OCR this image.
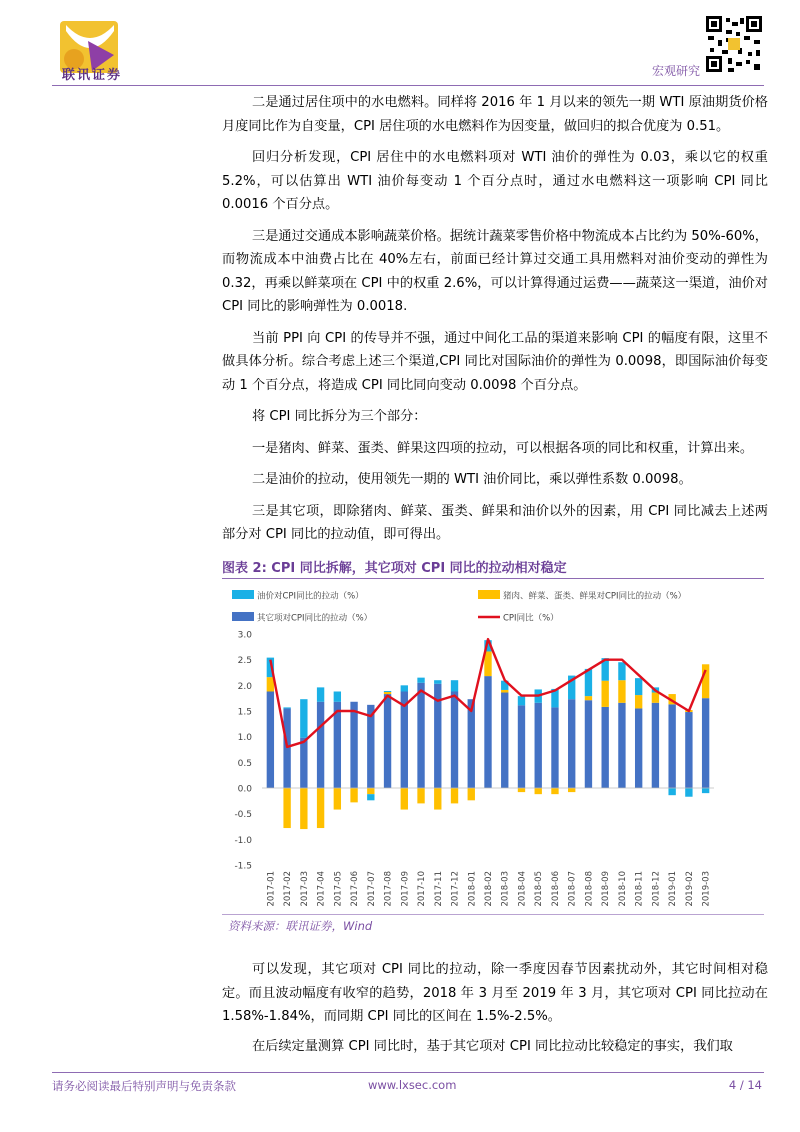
联讯证券	宏观研究

二是通过居住项中的水电燃料。同样将 2016 年 1 月以来的领先一期 WTI 原油期货价格月度同比作为自变量，CPI 居住项的水电燃料作为因变量，做回归的拟合优度为 0.51。

回归分析发现，CPI 居住中的水电燃料项对 WTI 油价的弹性为 0.03，乘以它的权重 5.2%，可以估算出 WTI 油价每变动 1 个百分点时，通过水电燃料这一项影响 CPI 同比 0.0016 个百分点。

三是通过交通成本影响蔬菜价格。据统计蔬菜零售价格中物流成本占比约为 50%-60%，而物流成本中油费占比在 40%左右，前面已经计算过交通工具用燃料对油价变动的弹性为 0.32，再乘以鲜菜项在 CPI 中的权重 2.6%，可以计算得通过运费——蔬菜这一渠道，油价对 CPI 同比的影响弹性为 0.0018.

当前 PPI 向 CPI 的传导并不强，通过中间化工品的渠道来影响 CPI 的幅度有限，这里不做具体分析。综合考虑上述三个渠道,CPI 同比对国际油价的弹性为 0.0098，即国际油价每变动 1 个百分点，将造成 CPI 同比同向变动 0.0098 个百分点。

将 CPI 同比拆分为三个部分：

一是猪肉、鲜菜、蛋类、鲜果这四项的拉动，可以根据各项的同比和权重，计算出来。

二是油价的拉动，使用领先一期的 WTI 油价同比，乘以弹性系数 0.0098。

三是其它项，即除猪肉、鲜菜、蛋类、鲜果和油价以外的因素，用 CPI 同比减去上述两部分对 CPI 同比的拉动值，即可得出。

图表 2: CPI 同比拆解，其它项对 CPI 同比的拉动相对稳定
油价对CPI同比的拉动（%）	猪肉、鲜菜、蛋类、鲜果对CPI同比的拉动（%）
其它项对CPI同比的拉动（%）	CPI同比（%）
3.0
2.5
2.0
1.5
1.0
0.5
0.0
-0.5
-1.0
-1.5
2017-01 2017-02 2017-03 2017-04 2017-05 2017-06 2017-07 2017-08 2017-09 2017-10 2017-11 2017-12 2018-01 2018-02 2018-03 2018-04 2018-05 2018-06 2018-07 2018-08 2018-09 2018-10 2018-11 2018-12 2019-01 2019-02 2019-03
资料来源：联讯证券，Wind

可以发现，其它项对 CPI 同比的拉动，除一季度因春节因素扰动外，其它时间相对稳定。而且波动幅度有收窄的趋势，2018 年 3 月至 2019 年 3 月，其它项对 CPI 同比拉动在 1.58%-1.84%，而同期 CPI 同比的区间在 1.5%-2.5%。

在后续定量测算 CPI 同比时，基于其它项对 CPI 同比拉动比较稳定的事实，我们取

请务必阅读最后特别声明与免责条款	www.lxsec.com	4 / 14
